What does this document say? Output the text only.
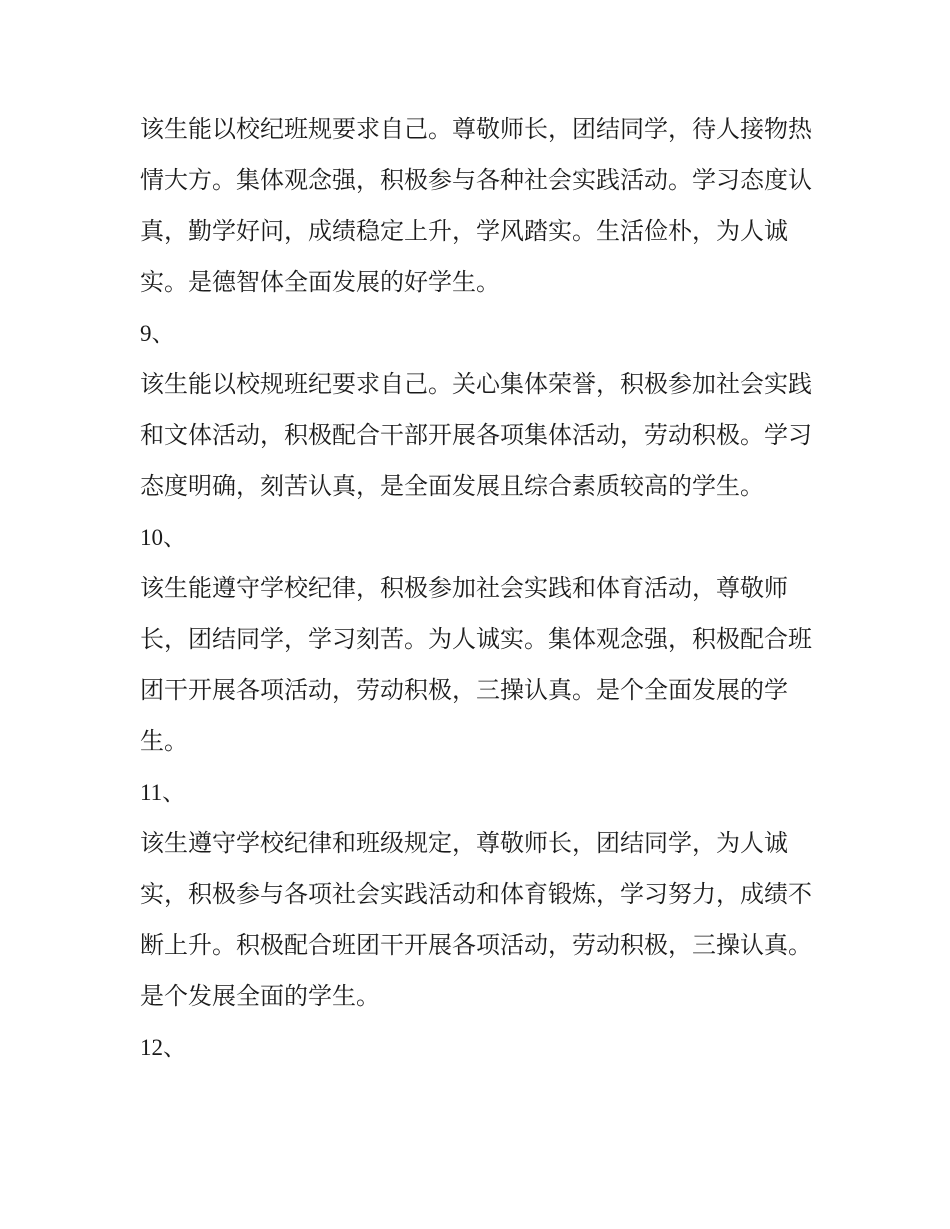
该生能以校纪班规要求自己。尊敬师长，团结同学，待人接物热情大方。集体观念强，积极参与各种社会实践活动。学习态度认真，勤学好问，成绩稳定上升，学风踏实。生活俭朴，为人诚实。是德智体全面发展的好学生。

9、

该生能以校规班纪要求自己。关心集体荣誉，积极参加社会实践和文体活动，积极配合干部开展各项集体活动，劳动积极。学习态度明确，刻苦认真，是全面发展且综合素质较高的学生。

10、

该生能遵守学校纪律，积极参加社会实践和体育活动，尊敬师长，团结同学，学习刻苦。为人诚实。集体观念强，积极配合班团干开展各项活动，劳动积极，三操认真。是个全面发展的学生。

11、

该生遵守学校纪律和班级规定，尊敬师长，团结同学，为人诚实，积极参与各项社会实践活动和体育锻炼，学习努力，成绩不断上升。积极配合班团干开展各项活动，劳动积极，三操认真。是个发展全面的学生。

12、
